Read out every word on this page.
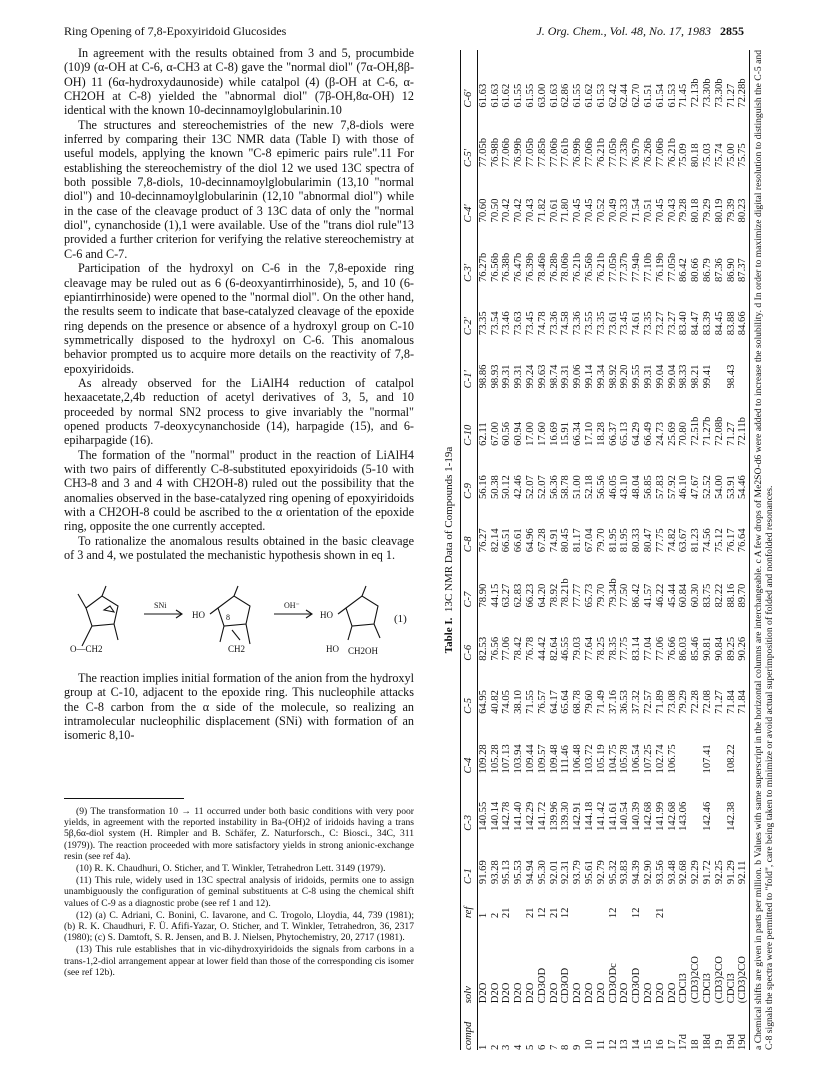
Ring Opening of 7,8-Epoxyiridoid Glucosides	J. Org. Chem., Vol. 48, No. 17, 1983 2855

In agreement with the results obtained from 3 and 5, procumbide (10)9 (α-OH at C-6, α-CH3 at C-8) gave the "normal diol" (7α-OH,8β-OH) 11 (6α-hydroxydaunoside) while catalpol (4) (β-OH at C-6, α-CH2OH at C-8) yielded the "abnormal diol" (7β-OH,8α-OH) 12 identical with the known 10-decinnamoylglobularinin.10

The structures and stereochemistries of the new 7,8-diols were inferred by comparing their 13C NMR data (Table I) with those of useful models, applying the known "C-8 epimeric pairs rule".11 For establishing the stereochemistry of the diol 12 we used 13C spectra of both possible 7,8-diols, 10-decinnamoylglobularimin (13,10 "normal diol") and 10-decinnamoylglobularinin (12,10 "abnormal diol") while in the case of the cleavage product of 3 13C data of only the "normal diol", cynanchoside (1),1 were available. Use of the "trans diol rule"13 provided a further criterion for verifying the relative stereochemistry at C-6 and C-7.

Participation of the hydroxyl on C-6 in the 7,8-epoxide ring cleavage may be ruled out as 6 (6-deoxyantirrhinoside), 5, and 10 (6-epiantirrhinoside) were opened to the "normal diol". On the other hand, the results seem to indicate that base-catalyzed cleavage of the epoxide ring depends on the presence or absence of a hydroxyl group on C-10 symmetrically disposed to the hydroxyl on C-6. This anomalous behavior prompted us to acquire more details on the reactivity of 7,8-epoxyiridoids.

As already observed for the LiAlH4 reduction of catalpol hexaacetate,2,4b reduction of acetyl derivatives of 3, 5, and 10 proceeded by normal SN2 process to give invariably the "normal" opened products 7-deoxycynanchoside (14), harpagide (15), and 6-epiharpagide (16).

The formation of the "normal" product in the reaction of LiAlH4 with two pairs of differently C-8-substituted epoxyiridoids (5-10 with CH3-8 and 3 and 4 with CH2OH-8) ruled out the possibility that the anomalies observed in the base-catalyzed ring opening of epoxyiridoids with a CH2OH-8 could be ascribed to the α orientation of the epoxide ring, opposite the one currently accepted.

To rationalize the anomalous results obtained in the basic cleavage of 3 and 4, we postulated the mechanistic hypothesis shown in eq 1.

O—CH2
SNi
HO	8
CH2
OH⁻
HO
HO CH2OH
(1)

The reaction implies initial formation of the anion from the hydroxyl group at C-10, adjacent to the epoxide ring. This nucleophile attacks the C-8 carbon from the α side of the molecule, so realizing an intramolecular nucleophilic displacement (SNi) with formation of an isomeric 8,10-

(9) The transformation 10 → 11 occurred under both basic conditions with very poor yields, in agreement with the reported instability in Ba-(OH)2 of iridoids having a trans 5β,6α-diol system (H. Rimpler and B. Schäfer, Z. Naturforsch., C: Biosci., 34C, 311 (1979)). The reaction proceeded with more satisfactory yields in strong anionic-exchange resin (see ref 4a).

(10) R. K. Chaudhuri, O. Sticher, and T. Winkler, Tetrahedron Lett. 3149 (1979).

(11) This rule, widely used in 13C spectral analysis of iridoids, permits one to assign unambiguously the configuration of geminal substituents at C-8 using the chemical shift values of C-9 as a diagnostic probe (see ref 1 and 12).

(12) (a) C. Adriani, C. Bonini, C. Iavarone, and C. Trogolo, Lloydia, 44, 739 (1981); (b) R. K. Chaudhuri, F. Ü. Afifi-Yazar, O. Sticher, and T. Winkler, Tetrahedron, 36, 2317 (1980); (c) S. Damtoft, S. R. Jensen, and B. J. Nielsen, Phytochemistry, 20, 2717 (1981).

(13) This rule establishes that in vic-dihydroxyiridoids the signals from carbons in a trans-1,2-diol arrangement appear at lower field than those of the corresponding cis isomer (see ref 12b).

Table I.  13C NMR Data of Compounds 1-19a
compd	solv	ref	C-1	C-3	C-4	C-5	C-6	C-7	C-8	C-9	C-10	C-1'	C-2'	C-3'	C-4'	C-5'	C-6'
1	D2O	1	91.69	140.55	109.28	64.95	82.53	78.90	76.27	56.16	62.11	98.86	73.35	76.27b	70.60	77.05b	61.63
2	D2O	2	93.28	140.14	105.28	40.82	76.56	44.15	82.14	50.38	67.00	98.93	73.54	76.56b	70.50	76.98b	61.63
3	D2O	21	95.13	142.78	107.13	74.05	77.06	63.27	66.51	50.12	60.56	99.31	73.46	76.38b	70.42	77.06b	61.62
4	D2O		95.53	141.40	103.94	38.10	78.42	62.83	66.61	42.46	60.94	99.31	73.63	76.47b	70.42	76.99b	61.55
5	D2O	21	94.94	142.29	109.44	71.55	76.78	66.23	64.96	52.07	17.00	99.24	73.45	76.39b	70.43	77.05b	61.55
6	CD3OD	12	95.30	141.72	109.57	76.57	44.42	64.20	67.28	52.07	17.60	99.63	74.78	78.46b	71.82	77.85b	63.00
7	D2O	21	92.01	139.96	109.48	64.17	82.64	78.92	74.91	56.36	16.69	98.74	73.36	76.28b	70.61	77.06b	61.63
8	CD3OD	12	92.31	139.30	111.46	65.64	46.55	78.21b	80.45	58.78	15.91	99.31	74.58	78.06b	71.80	77.61b	62.86
9	D2O		93.79	142.91	106.48	68.78	79.03	77.77	81.17	51.00	66.34	99.06	73.36	76.21b	70.45	76.99b	61.55
10	D2O		95.61	144.18	103.72	79.60	77.64	65.73	67.04	52.18	17.10	99.14	73.55	76.56b	70.45	77.06b	61.62
11	D2O		92.79	141.42	105.19	71.49	78.25	79.70	79.70	56.56	18.28	99.34	73.35	76.21b	70.52	76.21b	61.53
12	CD3ODc	12	95.32	141.61	104.75	37.16	78.35	79.34b	81.95	46.05	66.37	98.92	73.61	77.05b	70.49	77.05b	62.42
13	D2O		93.83	140.54	105.78	36.53	77.75	77.50	81.95	43.10	65.13	99.20	73.45	77.37b	70.33	77.33b	62.44
14	CD3OD	12	94.39	140.39	106.54	37.32	83.14	86.42	80.33	48.04	64.29	99.55	74.61	77.94b	71.54	76.97b	62.70
15	D2O		92.90	142.68	107.25	72.57	77.04	41.57	80.47	56.85	66.49	99.31	73.35	77.10b	70.51	76.26b	61.51
16	D2O	21	93.56	141.99	102.74	71.89	77.06	46.22	77.75	57.83	24.73	99.04	73.27	76.19b	70.45	77.06b	61.54
17	D2O		93.48	142.68	106.75	73.08	76.66	45.44	74.82	57.92	25.69	99.04	73.27	77.05b	70.43	76.21b	61.53
17d	CDCl3		92.68	143.06		79.29	86.03	60.84	63.67	46.10	70.80	98.33	83.40	86.42	79.28	75.09	71.45
18	(CD3)2CO		92.29			72.28	85.46	60.30	81.23	47.67	72.51b	98.21	84.47	80.66	80.18	80.18	72.13b
18d	CDCl3		91.72	142.46	107.41	72.08	90.81	83.75	74.56	52.52	71.27b	99.41	83.39	86.79	79.29	75.03	73.30b
19	(CD3)2CO		92.25			71.27	90.84	82.22	75.12	54.00	72.08b		84.45	87.36	80.19	75.74	73.30b
19d	CDCl3		91.29	142.38	108.22	71.84	89.25	88.16	76.17	53.91	71.27	98.43	83.88	86.90	79.39	75.00	71.27
19d	(CD3)2CO		92.11			71.84	90.26	89.70	76.64	54.46	72.11b		84.66	87.37	80.23	75.75	72.28b a Chemical shifts are given in parts per million. b Values with same superscript in the horizontal columns are interchangeable. c A few drops of Me2SO-d6 were added to increase the solubility. d In order to maximize digital resolution to distinguish the C-5 and C-8 signals the spectra were permitted to "fold", care being taken to minimize or avoid actual superimposition of folded and nonfolded resonances.
